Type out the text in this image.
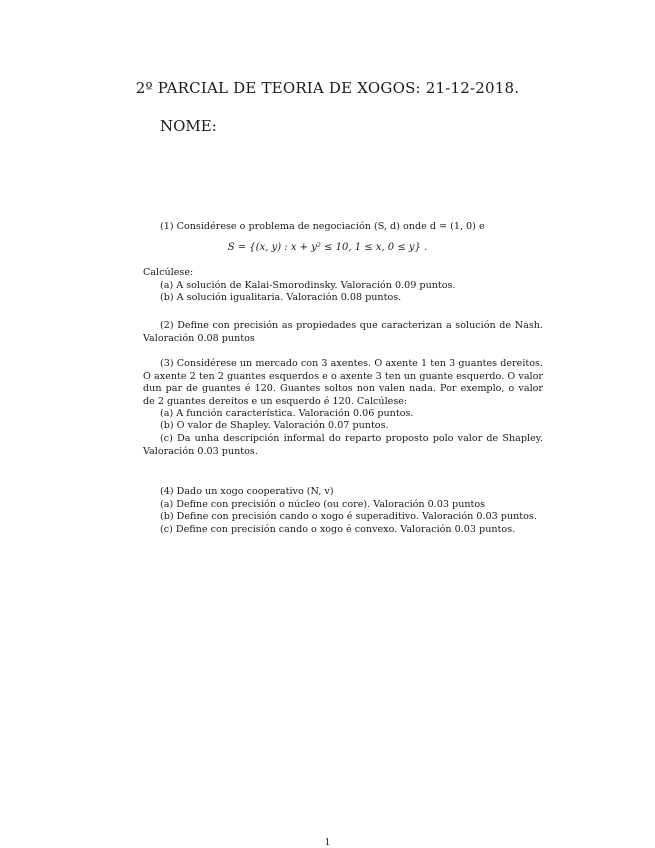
2º PARCIAL DE TEORIA DE XOGOS: 21-12-2018.
NOME:
(1) Considérese o problema de negociación (S, d) onde d = (1, 0) e
S = {(x, y) : x + y² ≤ 10, 1 ≤ x, 0 ≤ y} .
Calcúlese:
(a) A solución de Kalai-Smorodinsky. Valoración 0.09 puntos.
(b) A solución igualitaria. Valoración 0.08 puntos.
(2) Define con precisión as propiedades que caracterizan a solución de Nash. Valoración 0.08 puntos
(3) Considérese un mercado con 3 axentes. O axente 1 ten 3 guantes dereitos. O axente 2 ten 2 guantes esquerdos e o axente 3 ten un guante esquerdo. O valor dun par de guantes é 120. Guantes soltos non valen nada. Por exemplo, o valor de 2 guantes dereitos e un esquerdo é 120. Calcúlese:
(a) A función característica. Valoración 0.06 puntos.
(b) O valor de Shapley. Valoración 0.07 puntos.
(c) Da unha descripción informal do reparto proposto polo valor de Shapley. Valoración 0.03 puntos.
(4) Dado un xogo cooperativo (N, v)
(a) Define con precisión o núcleo (ou core). Valoración 0.03 puntos
(b) Define con precisión cando o xogo é superaditivo. Valoración 0.03 puntos.
(c) Define con precisión cando o xogo é convexo. Valoración 0.03 puntos.
1
